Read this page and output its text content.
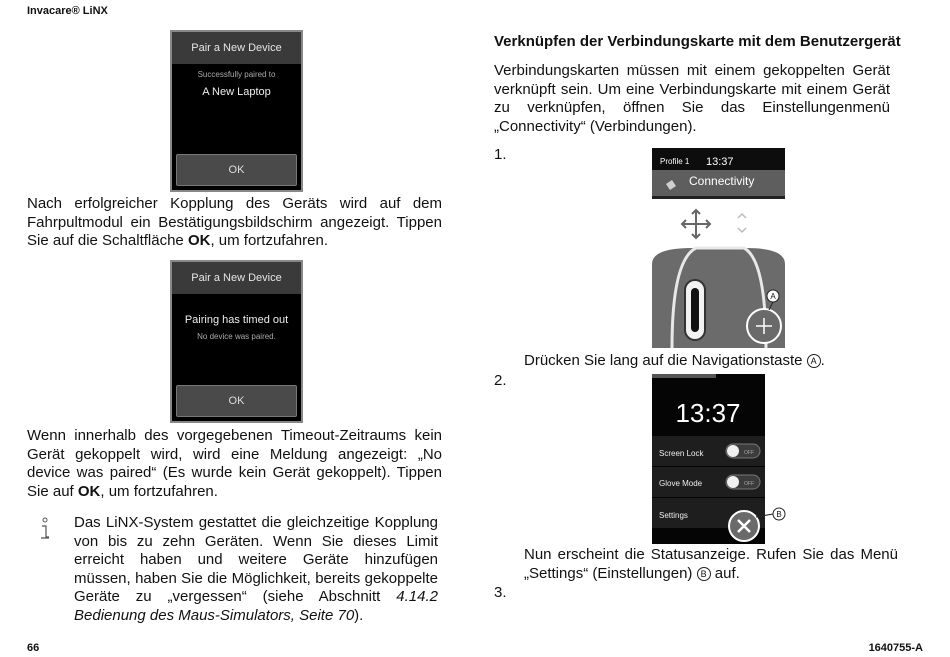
Invacare® LiNX
66	1640755-A
Pair a New Device
Successfully paired to
A New Laptop
OK
Nach erfolgreicher Kopplung des Geräts wird auf dem Fahrpultmodul ein Bestätigungsbildschirm angezeigt. Tippen Sie auf die Schaltfläche OK, um fortzufahren.
Pair a New Device
Pairing has timed out
No device was paired.
OK
Wenn innerhalb des vorgegebenen Timeout-Zeitraums kein Gerät gekoppelt wird, wird eine Meldung angezeigt: „No device was paired“ (Es wurde kein Gerät gekoppelt). Tippen Sie auf OK, um fortzufahren.
Das LiNX-System gestattet die gleichzeitige Kopplung von bis zu zehn Geräten. Wenn Sie dieses Limit erreicht haben und weitere Geräte hinzufügen müssen, haben Sie die Möglichkeit, bereits gekoppelte Geräte zu „vergessen“ (siehe Abschnitt 4.14.2 Bedienung des Maus-Simulators, Seite 70).
Verknüpfen der Verbindungskarte mit dem Benutzergerät
Verbindungskarten müssen mit einem gekoppelten Gerät verknüpft sein. Um eine Verbindungskarte mit einem Gerät zu verknüpfen, öffnen Sie das Einstellungenmenü „Connectivity“ (Verbindungen).
1.
A
Profile 1 13:37
Connectivity
Drücken Sie lang auf die Navigationstaste A .
2.
13:37
Screen Lock
Glove Mode
Settings
OFF
OFF
B
Nun erscheint die Statusanzeige. Rufen Sie das Menü „Settings“ (Einstellungen) B auf.
3.
